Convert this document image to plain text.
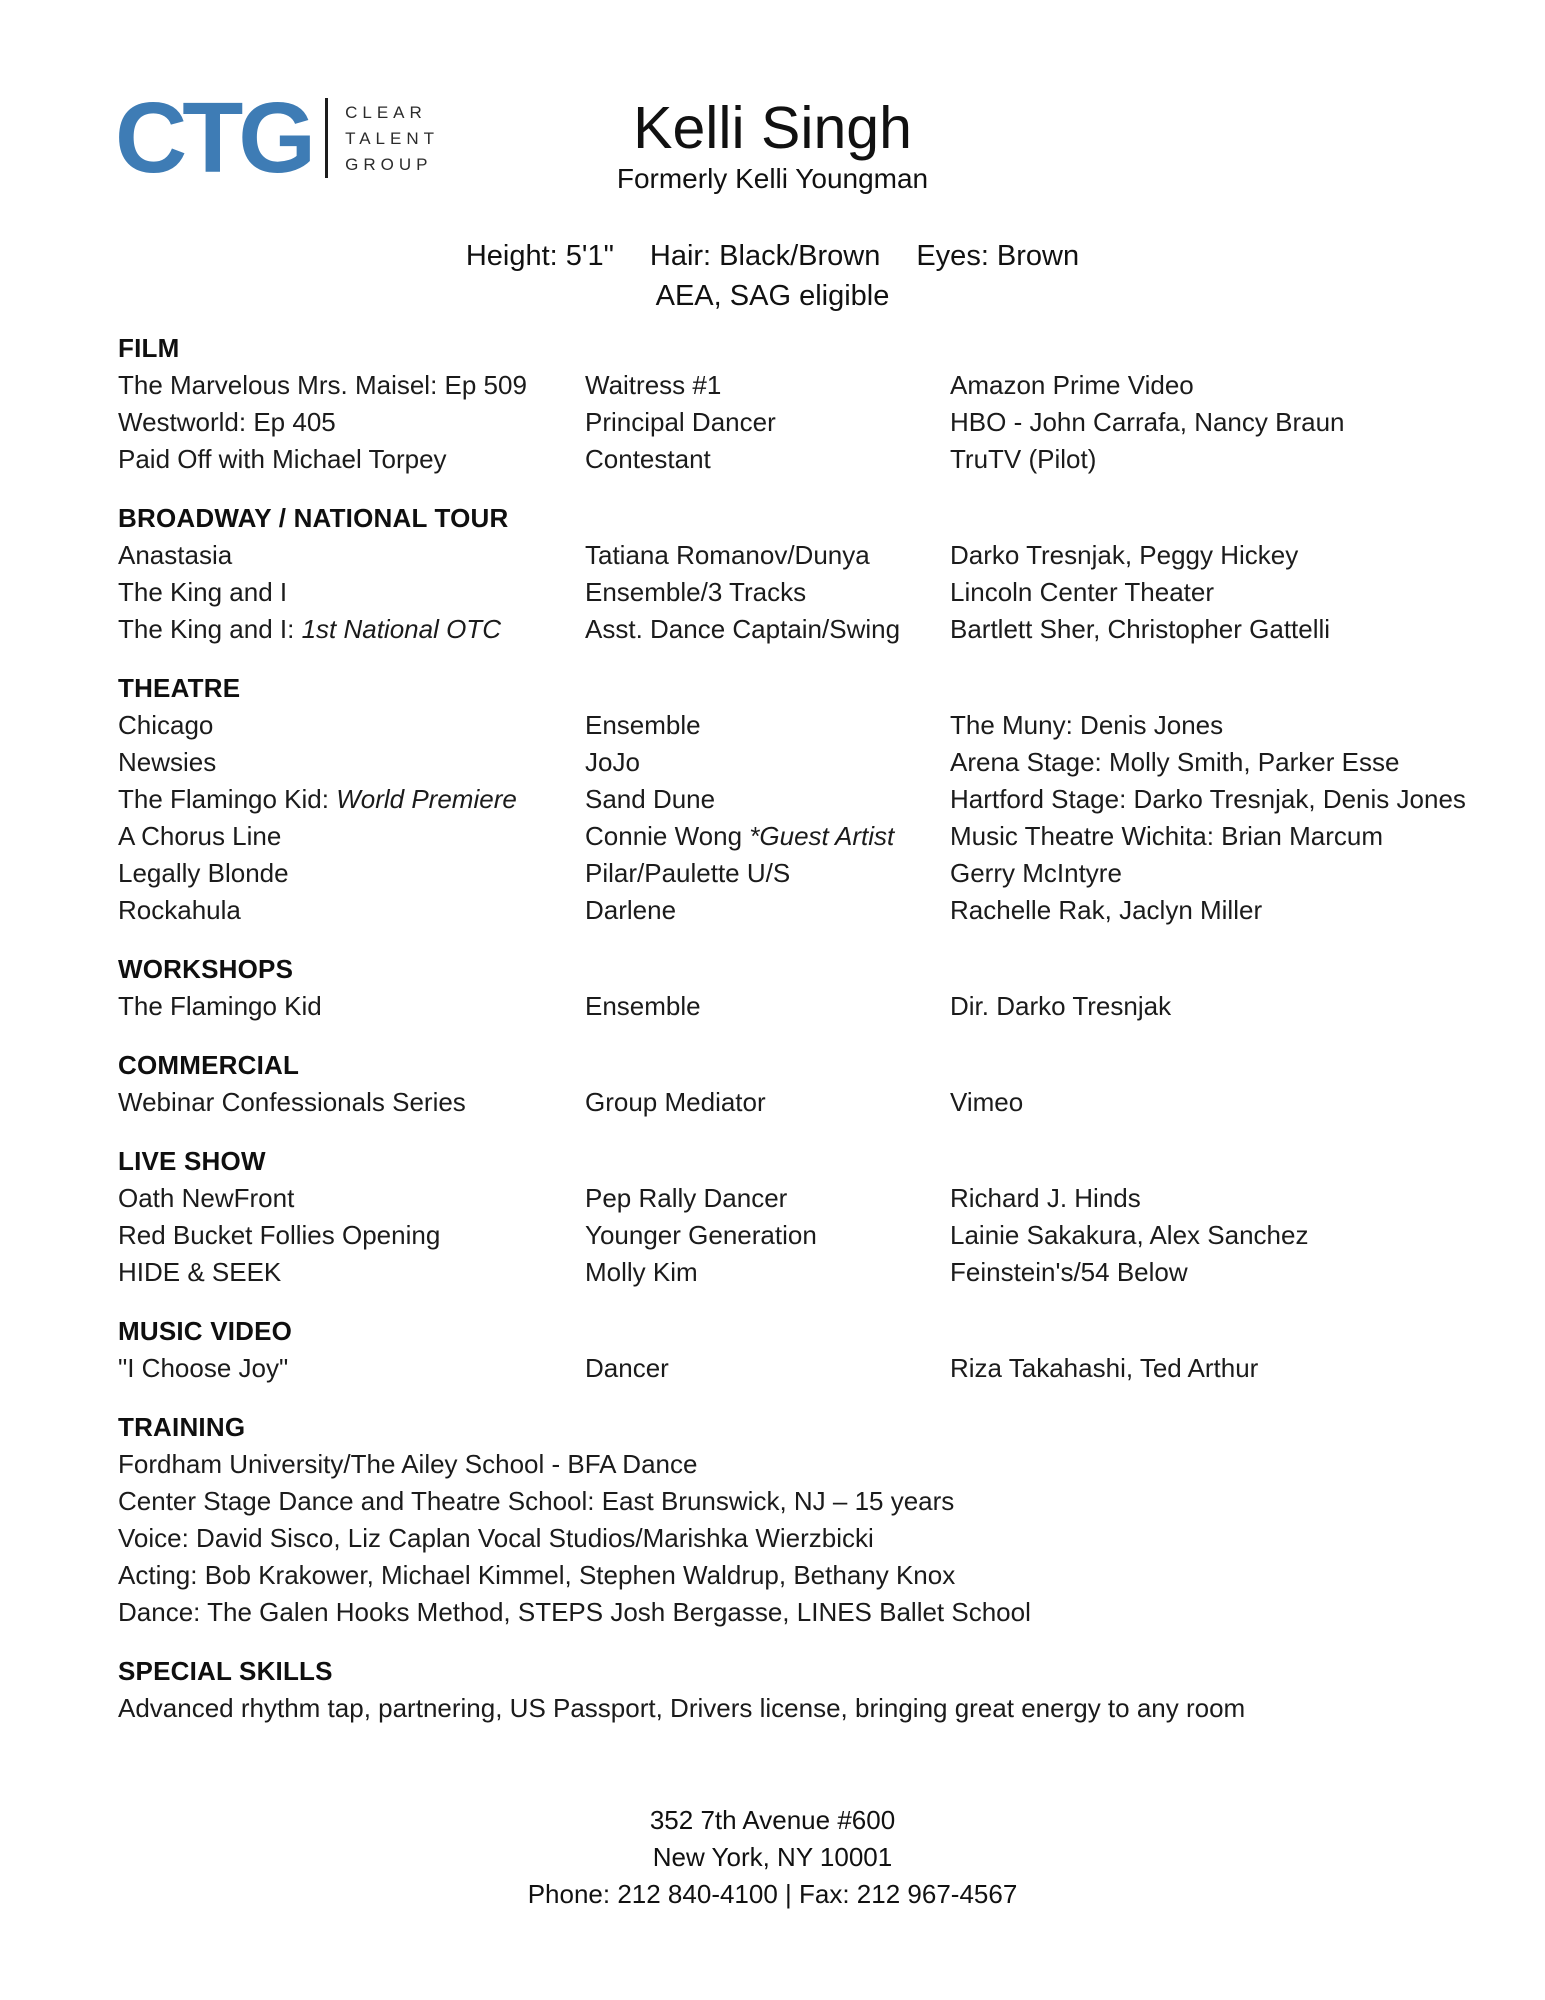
CTG CLEAR
TALENT
GROUP
Kelli Singh
Formerly Kelli Youngman
Height: 5'1" Hair: Black/Brown Eyes: Brown
AEA, SAG eligible
FILM
The Marvelous Mrs. Maisel: Ep 509	Waitress #1	Amazon Prime Video
Westworld: Ep 405	Principal Dancer	HBO - John Carrafa, Nancy Braun
Paid Off with Michael Torpey	Contestant	TruTV (Pilot)
BROADWAY / NATIONAL TOUR
Anastasia	Tatiana Romanov/Dunya	Darko Tresnjak, Peggy Hickey
The King and I	Ensemble/3 Tracks	Lincoln Center Theater
The King and I: 1st National OTC	Asst. Dance Captain/Swing	Bartlett Sher, Christopher Gattelli
THEATRE
Chicago	Ensemble	The Muny: Denis Jones
Newsies	JoJo	Arena Stage: Molly Smith, Parker Esse
The Flamingo Kid: World Premiere	Sand Dune	Hartford Stage: Darko Tresnjak, Denis Jones
A Chorus Line	Connie Wong *Guest Artist	Music Theatre Wichita: Brian Marcum
Legally Blonde	Pilar/Paulette U/S	Gerry McIntyre
Rockahula	Darlene	Rachelle Rak, Jaclyn Miller
WORKSHOPS
The Flamingo Kid	Ensemble	Dir. Darko Tresnjak
COMMERCIAL
Webinar Confessionals Series	Group Mediator	Vimeo
LIVE SHOW
Oath NewFront	Pep Rally Dancer	Richard J. Hinds
Red Bucket Follies Opening	Younger Generation	Lainie Sakakura, Alex Sanchez
HIDE & SEEK	Molly Kim	Feinstein's/54 Below
MUSIC VIDEO
"I Choose Joy"	Dancer	Riza Takahashi, Ted Arthur
TRAINING
Fordham University/The Ailey School - BFA Dance
Center Stage Dance and Theatre School: East Brunswick, NJ – 15 years
Voice: David Sisco, Liz Caplan Vocal Studios/Marishka Wierzbicki
Acting: Bob Krakower, Michael Kimmel, Stephen Waldrup, Bethany Knox
Dance: The Galen Hooks Method, STEPS Josh Bergasse, LINES Ballet School
SPECIAL SKILLS
Advanced rhythm tap, partnering, US Passport, Drivers license, bringing great energy to any room
352 7th Avenue #600
New York, NY 10001
Phone: 212 840-4100 | Fax: 212 967-4567
